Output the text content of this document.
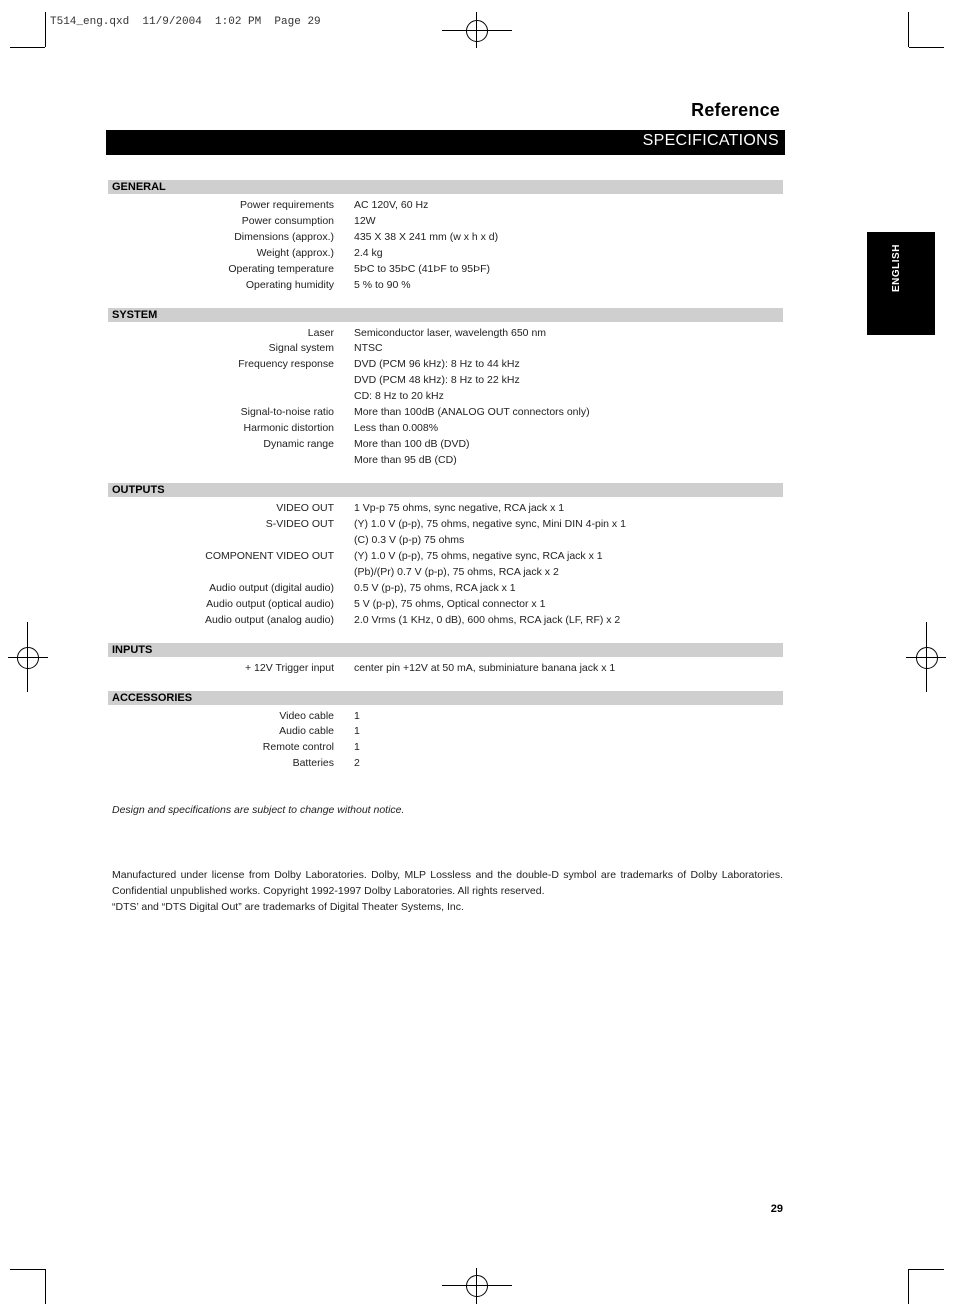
T514_eng.qxd  11/9/2004  1:02 PM  Page 29
Reference
SPECIFICATIONS
ENGLISH
GENERAL
Power requirements AC 120V, 60 Hz
Power consumption 12W
Dimensions (approx.) 435 X 38 X 241 mm (w x h x d)
Weight (approx.) 2.4 kg
Operating temperature 5ÞC to 35ÞC (41ÞF to 95ÞF)
Operating humidity 5 % to 90 %
SYSTEM
Laser Semiconductor laser, wavelength 650 nm
Signal system NTSC
Frequency response DVD (PCM 96 kHz): 8 Hz to 44 kHz
DVD (PCM 48 kHz): 8 Hz to 22 kHz
CD: 8 Hz to 20 kHz
Signal-to-noise ratio More than 100dB (ANALOG OUT connectors only)
Harmonic distortion Less than 0.008%
Dynamic range More than 100 dB (DVD)
More than 95 dB (CD)
OUTPUTS
VIDEO OUT 1 Vp-p 75 ohms, sync negative, RCA jack x 1
S-VIDEO OUT (Y) 1.0 V (p-p), 75 ohms, negative sync, Mini DIN 4-pin x 1
(C) 0.3 V (p-p) 75 ohms
COMPONENT VIDEO OUT (Y) 1.0 V (p-p), 75 ohms, negative sync, RCA jack x 1
(Pb)/(Pr) 0.7 V (p-p), 75 ohms, RCA jack x 2
Audio output (digital audio) 0.5 V (p-p), 75 ohms, RCA jack x 1
Audio output (optical audio) 5 V (p-p), 75 ohms, Optical connector x 1
Audio output (analog audio) 2.0 Vrms (1 KHz, 0 dB), 600 ohms, RCA jack (LF, RF) x 2
INPUTS
+ 12V Trigger input center pin +12V at 50 mA, subminiature banana jack x 1
ACCESSORIES
Video cable 1
Audio cable 1
Remote control 1
Batteries 2
Design and specifications are subject to change without notice.

Manufactured under license from Dolby Laboratories. Dolby, MLP Lossless and the double-D symbol are trademarks of Dolby Laboratories. Confidential unpublished works. Copyright 1992-1997 Dolby Laboratories. All rights reserved.

“DTS’ and “DTS Digital Out” are trademarks of Digital Theater Systems, Inc.

29
